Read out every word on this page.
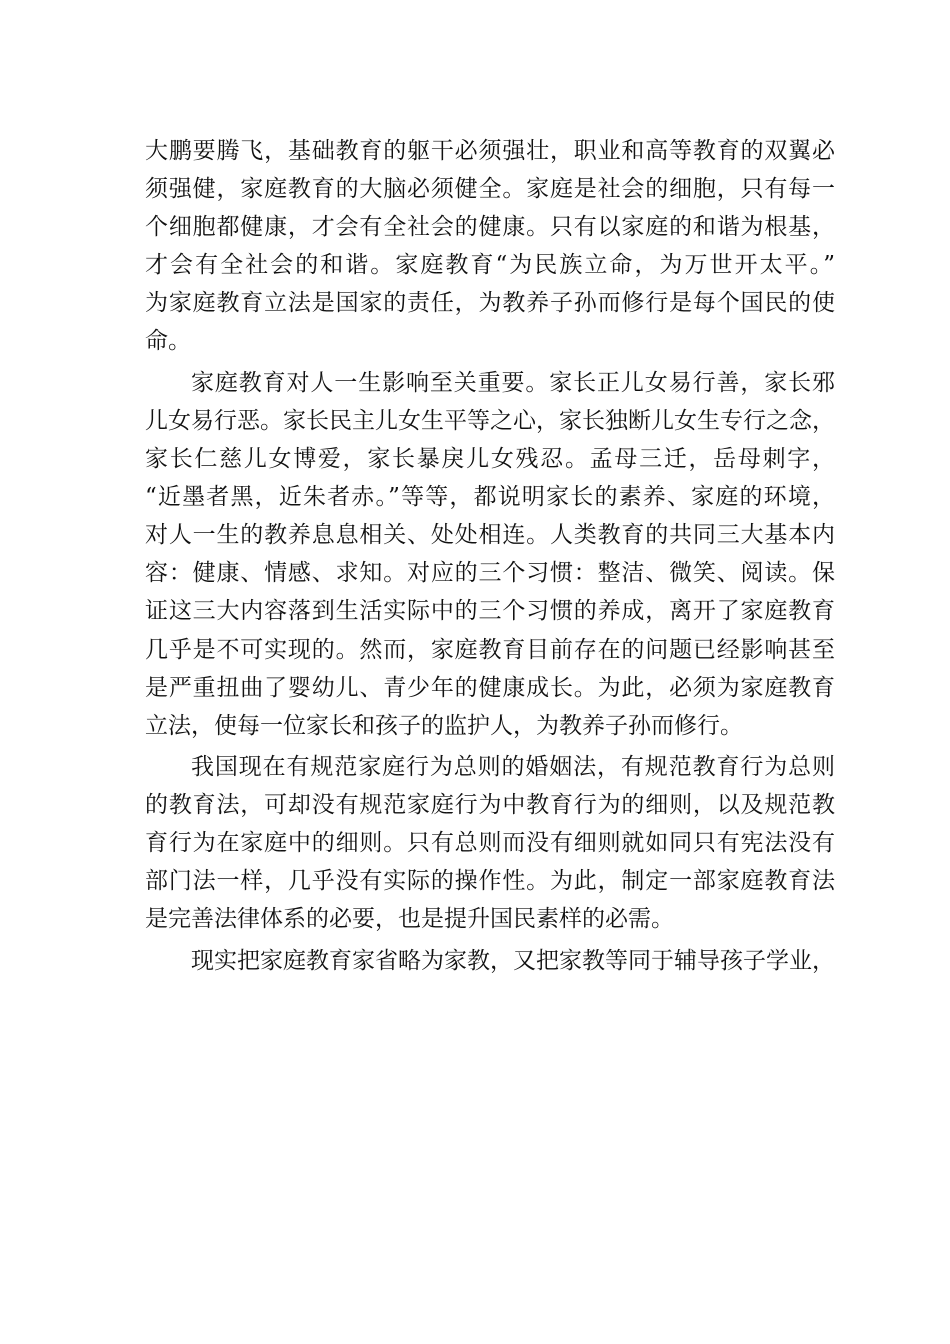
大鹏要腾飞，基础教育的躯干必须强壮，职业和高等教育的双翼必
须强健，家庭教育的大脑必须健全。家庭是社会的细胞，只有每一
个细胞都健康，才会有全社会的健康。只有以家庭的和谐为根基，
才会有全社会的和谐。家庭教育“为民族立命，为万世开太平。”
为家庭教育立法是国家的责任，为教养子孙而修行是每个国民的使
命。
家庭教育对人一生影响至关重要。家长正儿女易行善，家长邪
儿女易行恶。家长民主儿女生平等之心，家长独断儿女生专行之念，
家长仁慈儿女博爱，家长暴戾儿女残忍。孟母三迁，岳母刺字，
“近墨者黑，近朱者赤。”等等，都说明家长的素养、家庭的环境，
对人一生的教养息息相关、处处相连。人类教育的共同三大基本内
容：健康、情感、求知。对应的三个习惯：整洁、微笑、阅读。保
证这三大内容落到生活实际中的三个习惯的养成，离开了家庭教育
几乎是不可实现的。然而，家庭教育目前存在的问题已经影响甚至
是严重扭曲了婴幼儿、青少年的健康成长。为此，必须为家庭教育
立法，使每一位家长和孩子的监护人，为教养子孙而修行。
我国现在有规范家庭行为总则的婚姻法，有规范教育行为总则
的教育法，可却没有规范家庭行为中教育行为的细则，以及规范教
育行为在家庭中的细则。只有总则而没有细则就如同只有宪法没有
部门法一样，几乎没有实际的操作性。为此，制定一部家庭教育法
是完善法律体系的必要，也是提升国民素样的必需。
现实把家庭教育家省略为家教，又把家教等同于辅导孩子学业，
